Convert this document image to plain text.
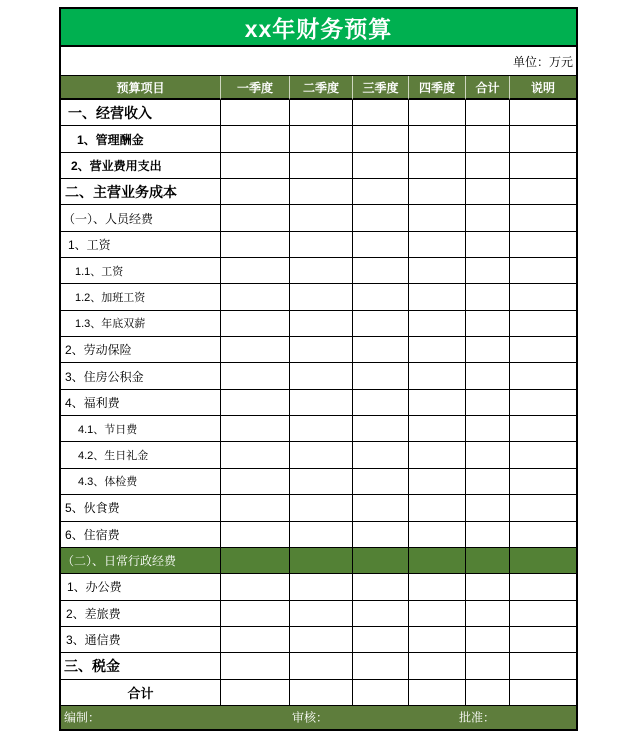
xx年财务预算
单位：万元
预算项目	一季度	二季度	三季度	四季度	合计	说明
一、经营收入
1、管理酬金
2、营业费用支出
二、主营业务成本
（一）、人员经费
1、工资
1.1、工资
1.2、加班工资
1.3、年底双薪
2、劳动保险
3、住房公积金
4、福利费
4.1、节日费
4.2、生日礼金
4.3、体检费
5、伙食费
6、住宿费
（二）、日常行政经费
1、办公费
2、差旅费
3、通信费
三、税金
合计
编制：	审核：	批准：
